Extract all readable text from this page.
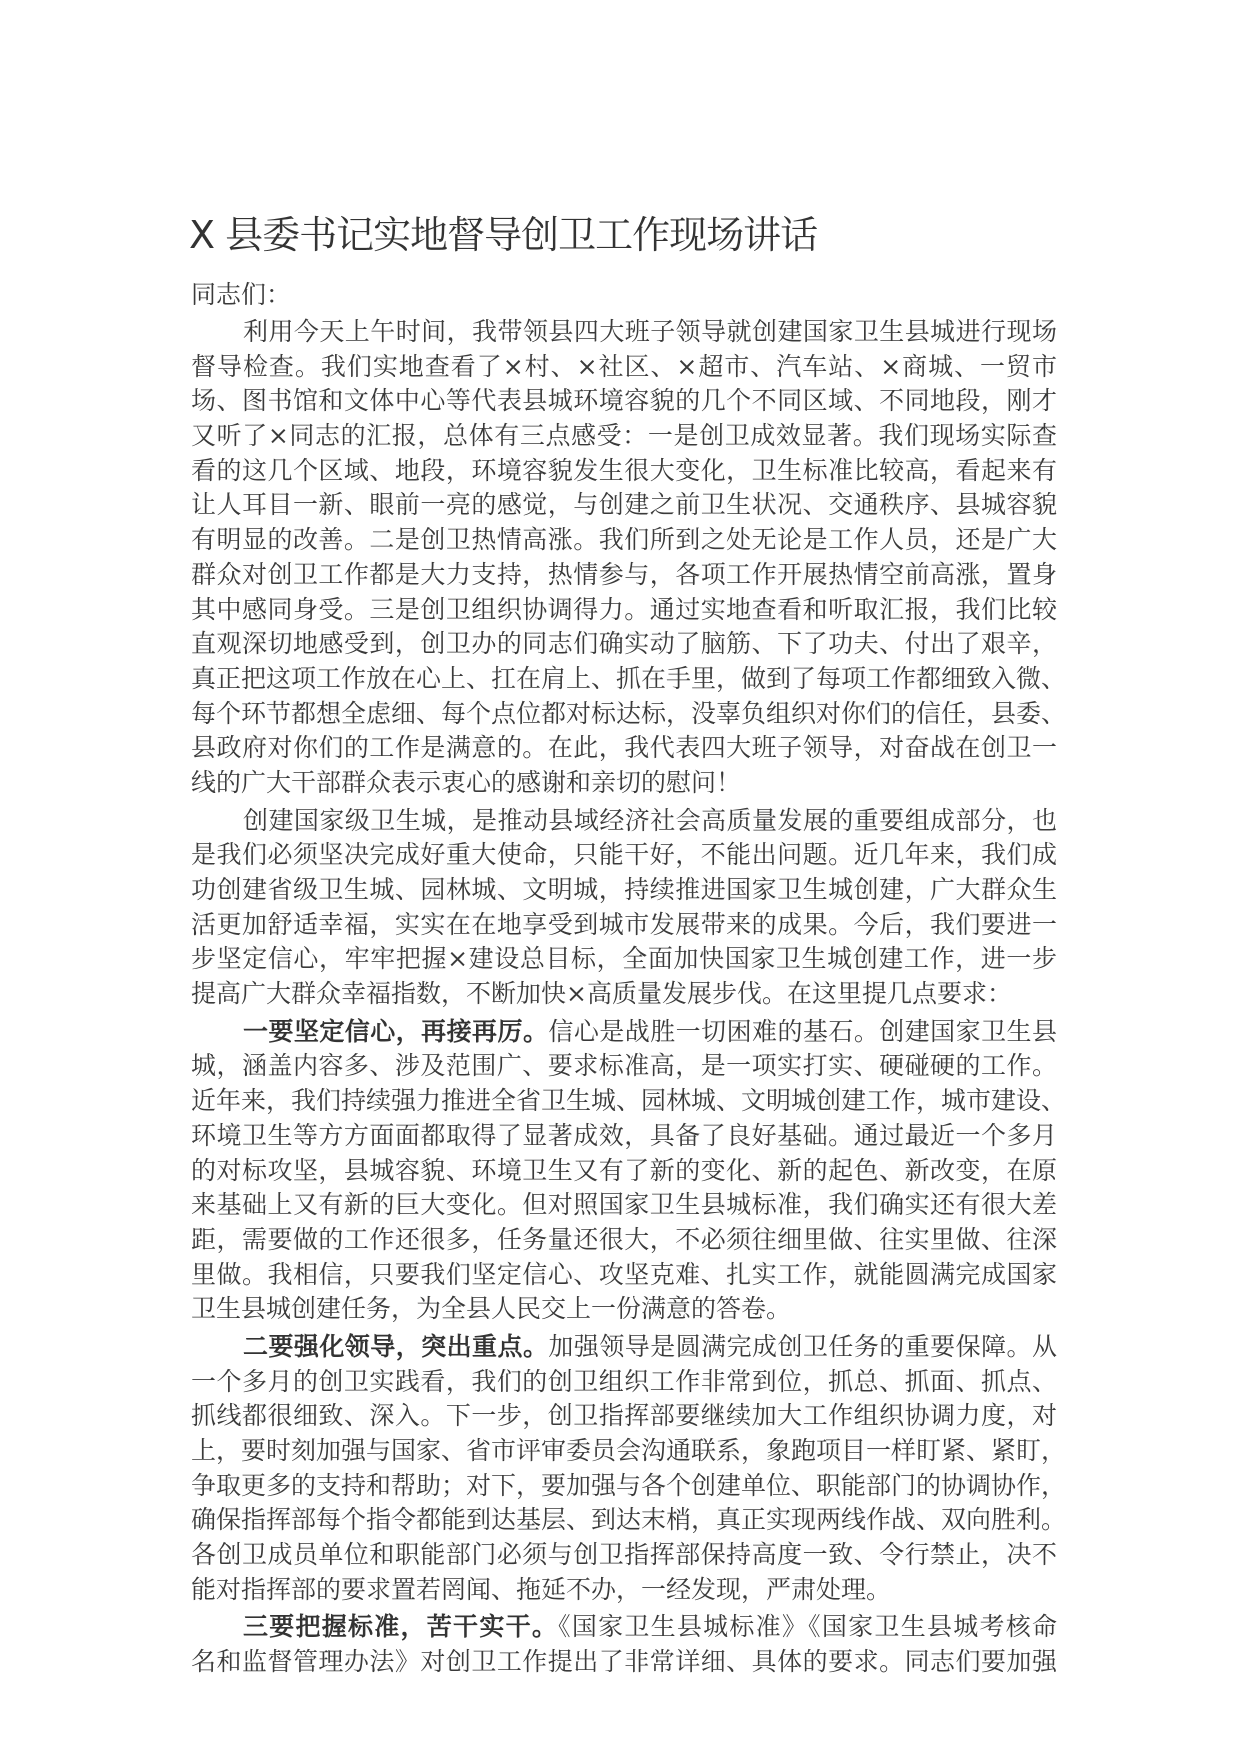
X 县委书记实地督导创卫工作现场讲话
同志们：
利用今天上午时间，我带领县四大班子领导就创建国家卫生县城进行现场
督导检查。我们实地查看了×村、×社区、×超市、汽车站、×商城、一贸市
场、图书馆和文体中心等代表县城环境容貌的几个不同区域、不同地段，刚才
又听了×同志的汇报，总体有三点感受：一是创卫成效显著。我们现场实际查
看的这几个区域、地段，环境容貌发生很大变化，卫生标准比较高，看起来有
让人耳目一新、眼前一亮的感觉，与创建之前卫生状况、交通秩序、县城容貌
有明显的改善。二是创卫热情高涨。我们所到之处无论是工作人员，还是广大
群众对创卫工作都是大力支持，热情参与，各项工作开展热情空前高涨，置身
其中感同身受。三是创卫组织协调得力。通过实地查看和听取汇报，我们比较
直观深切地感受到，创卫办的同志们确实动了脑筋、下了功夫、付出了艰辛，
真正把这项工作放在心上、扛在肩上、抓在手里，做到了每项工作都细致入微、
每个环节都想全虑细、每个点位都对标达标，没辜负组织对你们的信任，县委、
县政府对你们的工作是满意的。在此，我代表四大班子领导，对奋战在创卫一
线的广大干部群众表示衷心的感谢和亲切的慰问！
创建国家级卫生城，是推动县域经济社会高质量发展的重要组成部分，也
是我们必须坚决完成好重大使命，只能干好，不能出问题。近几年来，我们成
功创建省级卫生城、园林城、文明城，持续推进国家卫生城创建，广大群众生
活更加舒适幸福，实实在在地享受到城市发展带来的成果。今后，我们要进一
步坚定信心，牢牢把握×建设总目标，全面加快国家卫生城创建工作，进一步
提高广大群众幸福指数，不断加快×高质量发展步伐。在这里提几点要求：
一要坚定信心，再接再厉。信心是战胜一切困难的基石。创建国家卫生县
城，涵盖内容多、涉及范围广、要求标准高，是一项实打实、硬碰硬的工作。
近年来，我们持续强力推进全省卫生城、园林城、文明城创建工作，城市建设、
环境卫生等方方面面都取得了显著成效，具备了良好基础。通过最近一个多月
的对标攻坚，县城容貌、环境卫生又有了新的变化、新的起色、新改变，在原
来基础上又有新的巨大变化。但对照国家卫生县城标准，我们确实还有很大差
距，需要做的工作还很多，任务量还很大，不必须往细里做、往实里做、往深
里做。我相信，只要我们坚定信心、攻坚克难、扎实工作，就能圆满完成国家
卫生县城创建任务，为全县人民交上一份满意的答卷。
二要强化领导，突出重点。加强领导是圆满完成创卫任务的重要保障。从
一个多月的创卫实践看，我们的创卫组织工作非常到位，抓总、抓面、抓点、
抓线都很细致、深入。下一步，创卫指挥部要继续加大工作组织协调力度，对
上，要时刻加强与国家、省市评审委员会沟通联系，象跑项目一样盯紧、紧盯，
争取更多的支持和帮助；对下，要加强与各个创建单位、职能部门的协调协作，
确保指挥部每个指令都能到达基层、到达末梢，真正实现两线作战、双向胜利。
各创卫成员单位和职能部门必须与创卫指挥部保持高度一致、令行禁止，决不
能对指挥部的要求置若罔闻、拖延不办，一经发现，严肃处理。
三要把握标准，苦干实干。《国家卫生县城标准》《国家卫生县城考核命
名和监督管理办法》对创卫工作提出了非常详细、具体的要求。同志们要加强
